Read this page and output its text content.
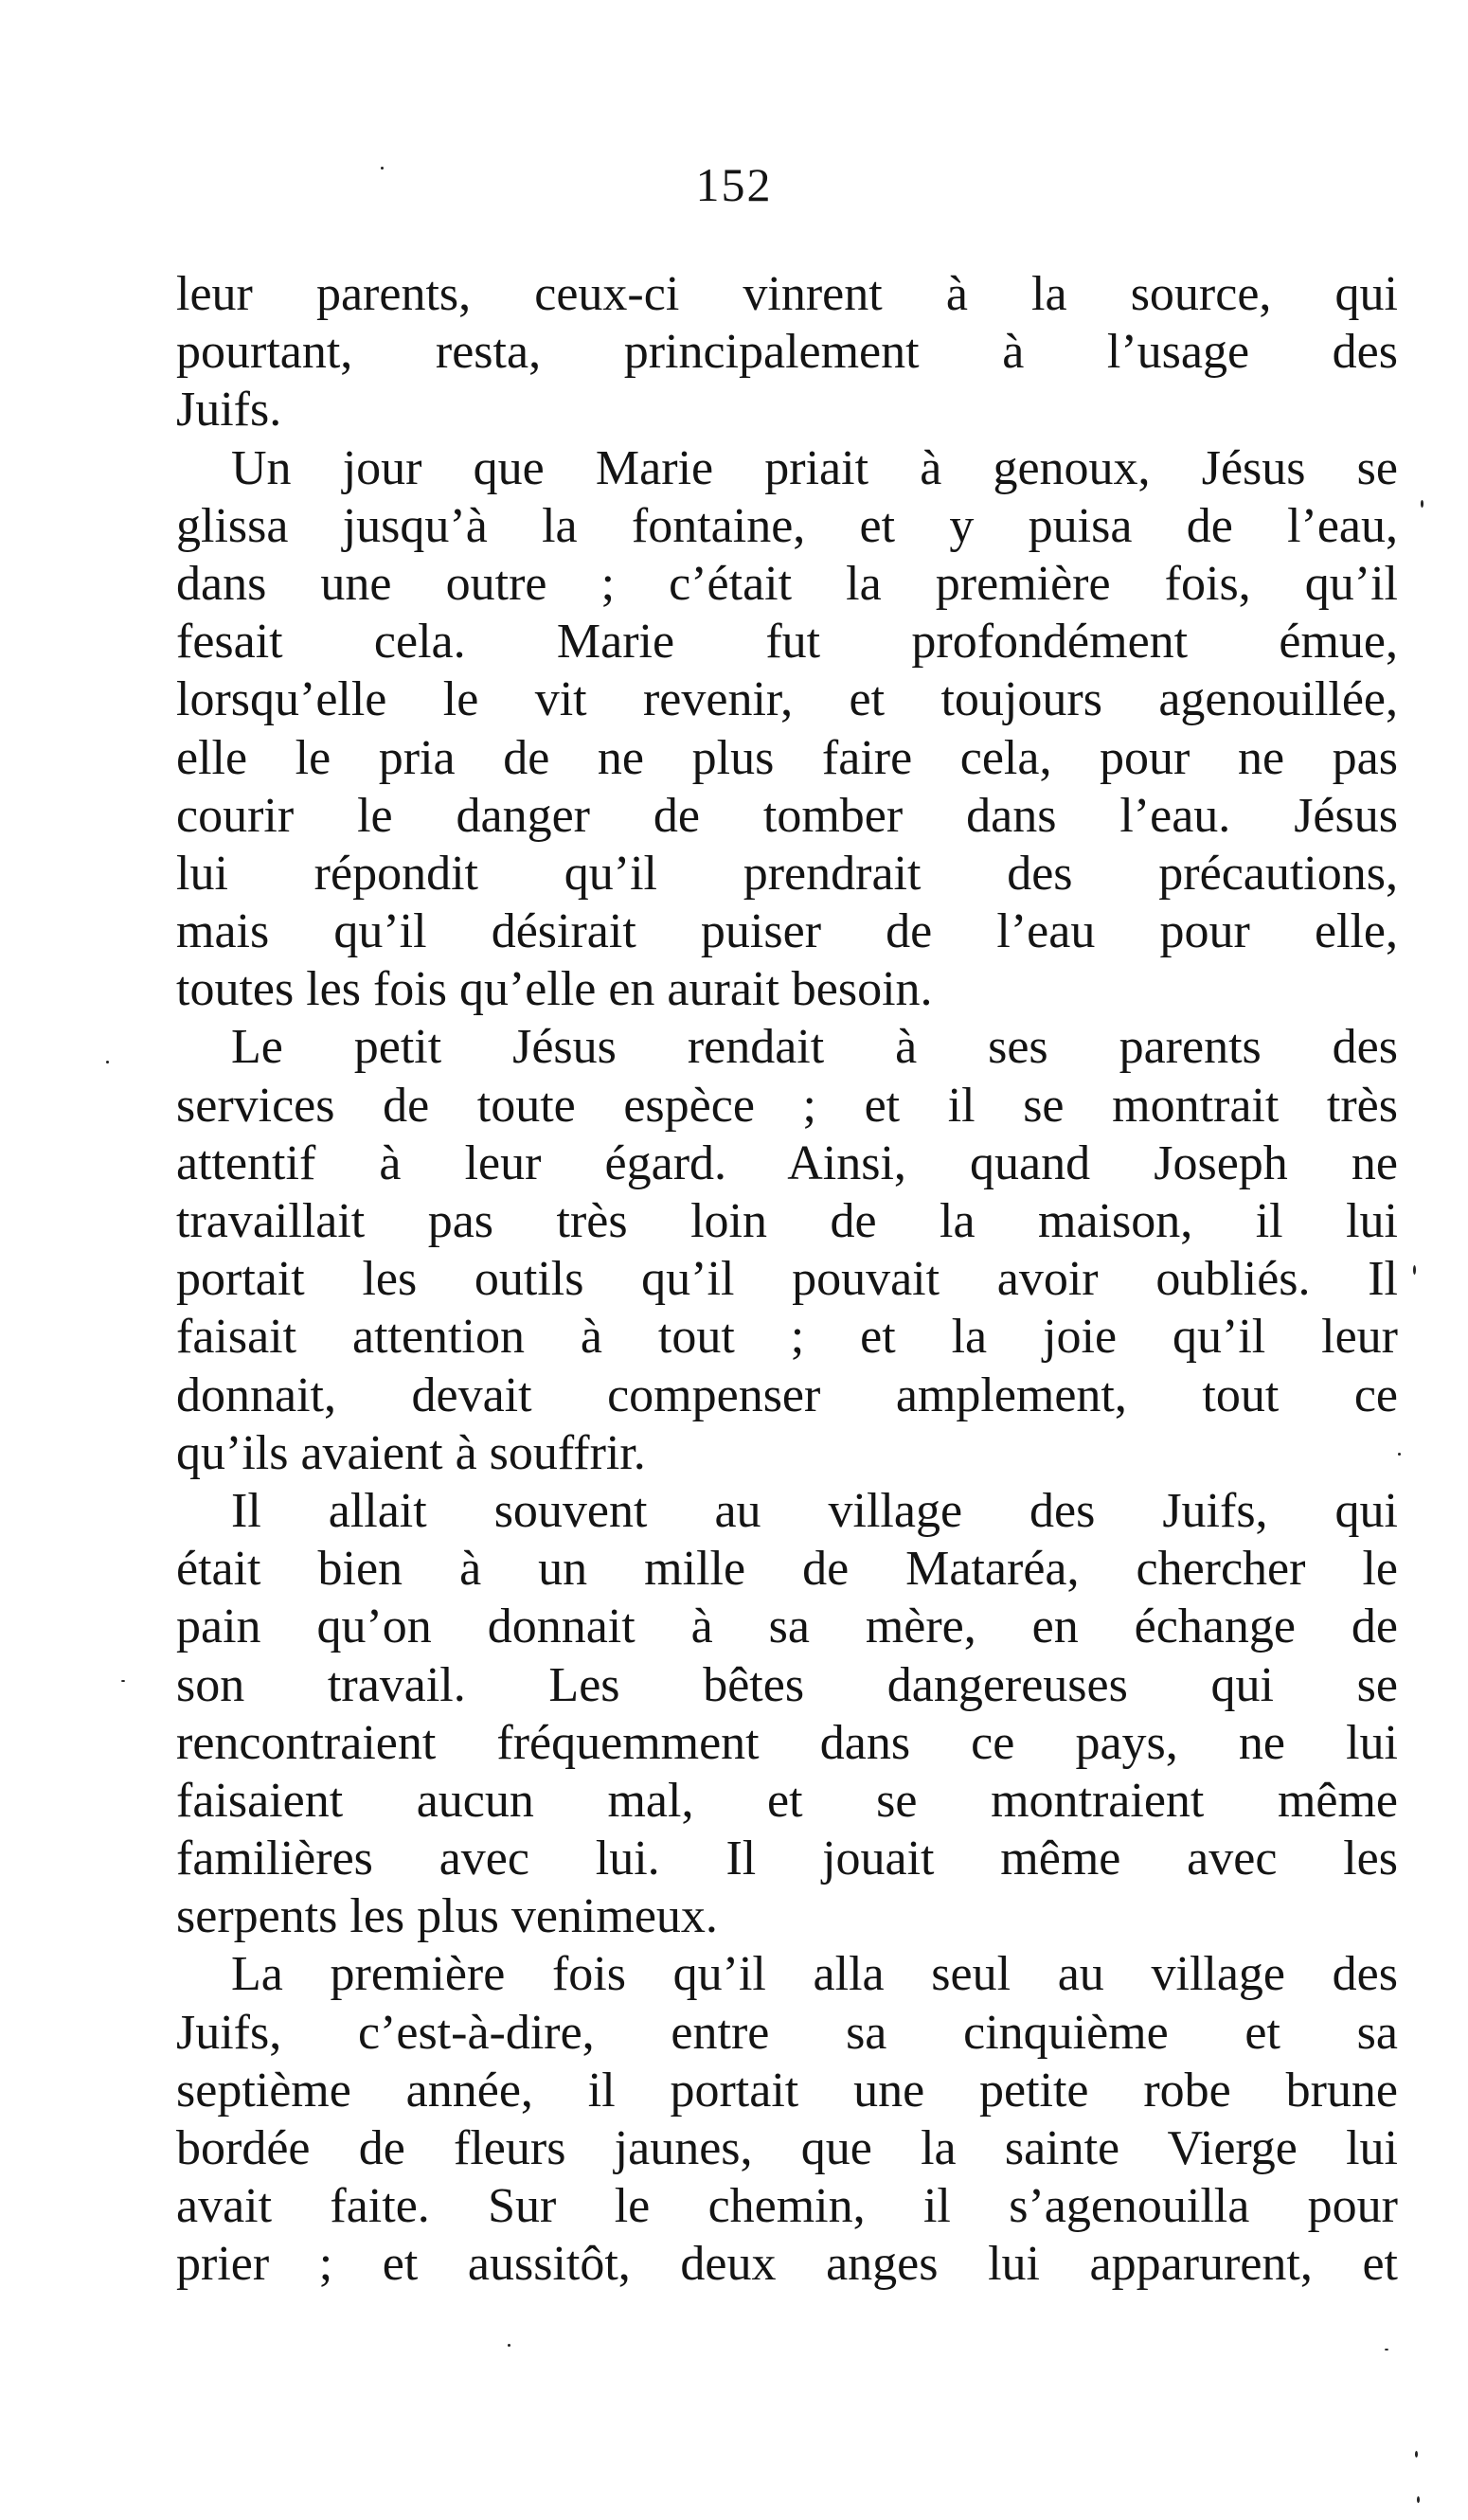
152
leur parents, ceux-ci vinrent à la source, qui
pourtant, resta, principalement à l’usage des
Juifs.
Un jour que Marie priait à genoux, Jésus se
glissa jusqu’à la fontaine, et y puisa de l’eau,
dans une outre ; c’était la première fois, qu’il
fesait cela. Marie fut profondément émue,
lorsqu’elle le vit revenir, et toujours agenouillée,
elle le pria de ne plus faire cela, pour ne pas
courir le danger de tomber dans l’eau. Jésus
lui répondit qu’il prendrait des précautions,
mais qu’il désirait puiser de l’eau pour elle,
toutes les fois qu’elle en aurait besoin.
Le petit Jésus rendait à ses parents des
services de toute espèce ; et il se montrait très
attentif à leur égard. Ainsi, quand Joseph ne
travaillait pas très loin de la maison, il lui
portait les outils qu’il pouvait avoir oubliés. Il
faisait attention à tout ; et la joie qu’il leur
donnait, devait compenser amplement, tout ce
qu’ils avaient à souffrir.
Il allait souvent au village des Juifs, qui
était bien à un mille de Mataréa, chercher le
pain qu’on donnait à sa mère, en échange de
son travail. Les bêtes dangereuses qui se
rencontraient fréquemment dans ce pays, ne lui
faisaient aucun mal, et se montraient même
familières avec lui. Il jouait même avec les
serpents les plus venimeux.
La première fois qu’il alla seul au village des
Juifs, c’est-à-dire, entre sa cinquième et sa
septième année, il portait une petite robe brune
bordée de fleurs jaunes, que la sainte Vierge lui
avait faite. Sur le chemin, il s’agenouilla pour
prier ; et aussitôt, deux anges lui apparurent, et
